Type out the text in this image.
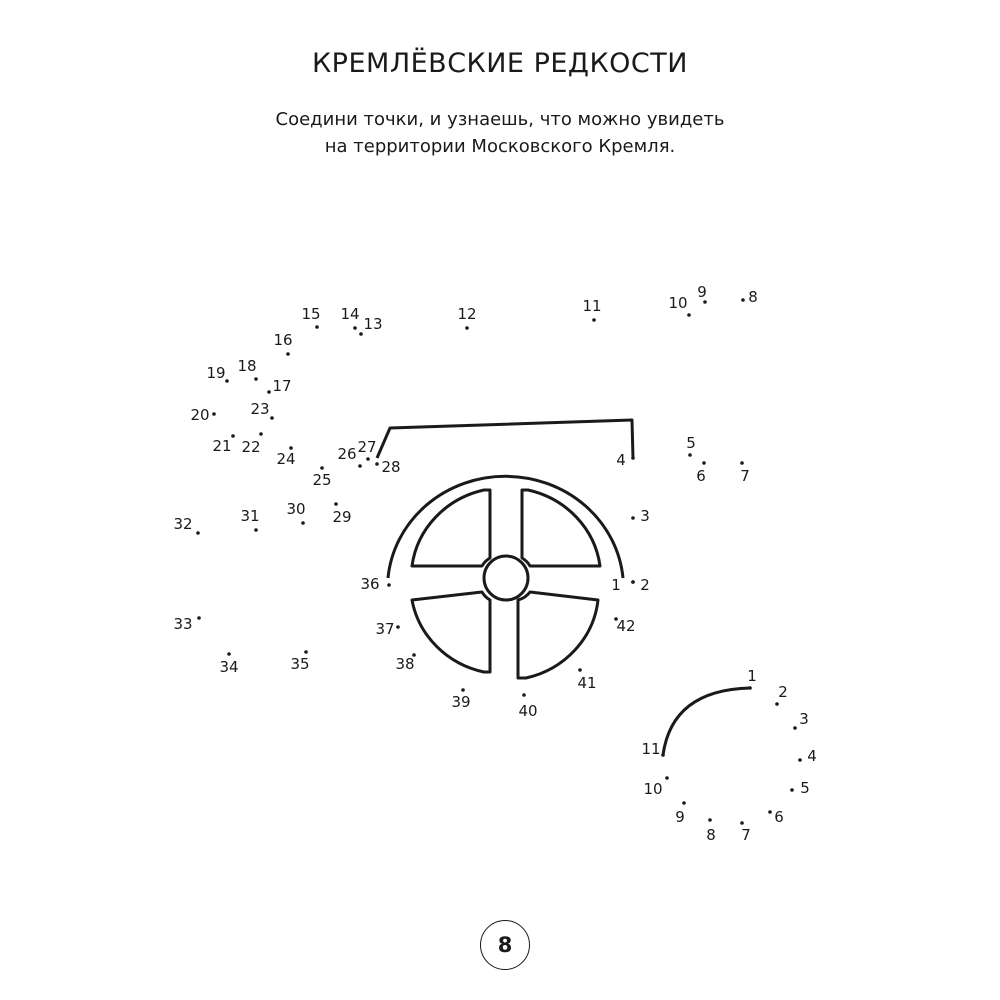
КРЕМЛЁВСКИЕ РЕДКОСТИ
Соедини точки, и узнаешь, что можно увидеть
на территории Московского Кремля.
1 2
3
4
5
6 7
8
9
10
11
12
13
14
15
16
17
18
19
20
21 22
23
24
25
26 27
28
29
30
31
32
33
34	35
36
37
38
39	40
41
42
1
2
3
4
5
6
7
8
9
10
11
8
